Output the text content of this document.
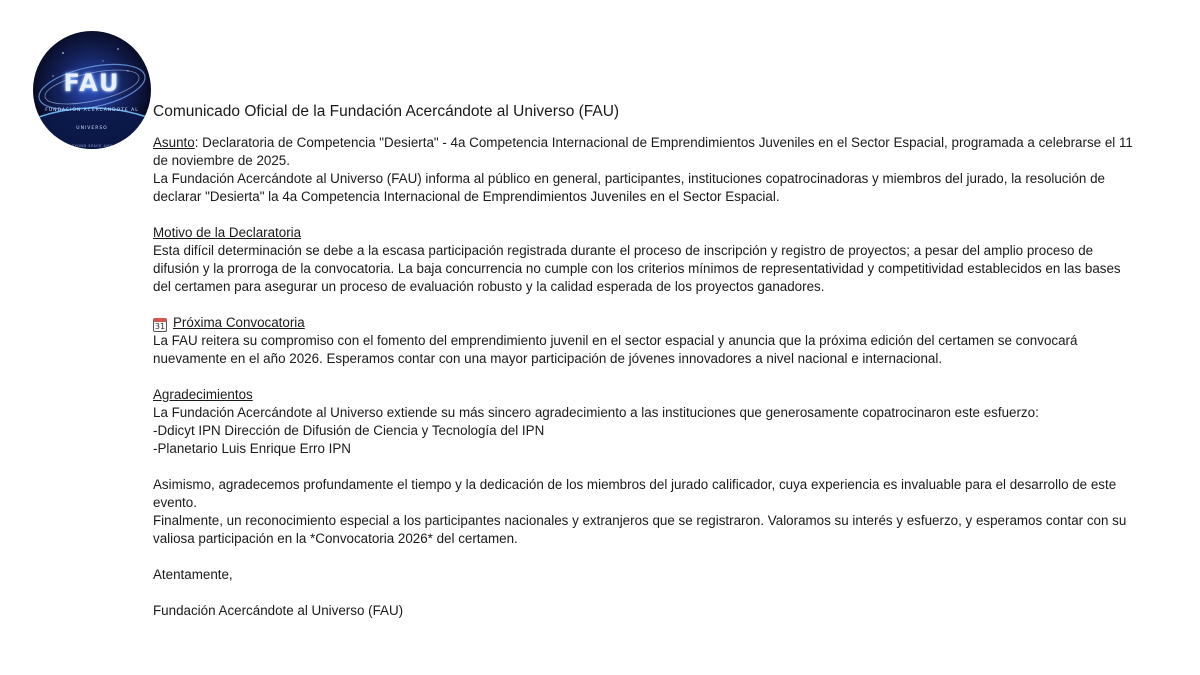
FAU
FUNDACIÓN ACERCÁNDOTE AL UNIVERSO
SEE BEYOND SPACE AND TIME
Comunicado Oficial de la Fundación Acercándote al Universo (FAU)

Asunto: Declaratoria de Competencia "Desierta" - 4a Competencia Internacional de Emprendimientos Juveniles en el Sector Espacial, programada a celebrarse el 11 de noviembre de 2025.

La Fundación Acercándote al Universo (FAU) informa al público en general, participantes, instituciones copatrocinadoras y miembros del jurado, la resolución de declarar "Desierta" la 4a Competencia Internacional de Emprendimientos Juveniles en el Sector Espacial.

Motivo de la Declaratoria

Esta difícil determinación se debe a la escasa participación registrada durante el proceso de inscripción y registro de proyectos; a pesar del amplio proceso de difusión y la prorroga de la convocatoria. La baja concurrencia no cumple con los criterios mínimos de representatividad y competitividad establecidos en las bases del certamen para asegurar un proceso de evaluación robusto y la calidad esperada de los proyectos ganadores.

31 Próxima Convocatoria

La FAU reitera su compromiso con el fomento del emprendimiento juvenil en el sector espacial y anuncia que la próxima edición del certamen se convocará nuevamente en el año 2026. Esperamos contar con una mayor participación de jóvenes innovadores a nivel nacional e internacional.

Agradecimientos

La Fundación Acercándote al Universo extiende su más sincero agradecimiento a las instituciones que generosamente copatrocinaron este esfuerzo:

-Ddicyt IPN Dirección de Difusión de Ciencia y Tecnología del IPN

-Planetario Luis Enrique Erro IPN

Asimismo, agradecemos profundamente el tiempo y la dedicación de los miembros del jurado calificador, cuya experiencia es invaluable para el desarrollo de este evento.

Finalmente, un reconocimiento especial a los participantes nacionales y extranjeros que se registraron. Valoramos su interés y esfuerzo, y esperamos contar con su valiosa participación en la *Convocatoria 2026* del certamen.

Atentamente,

Fundación Acercándote al Universo (FAU)
